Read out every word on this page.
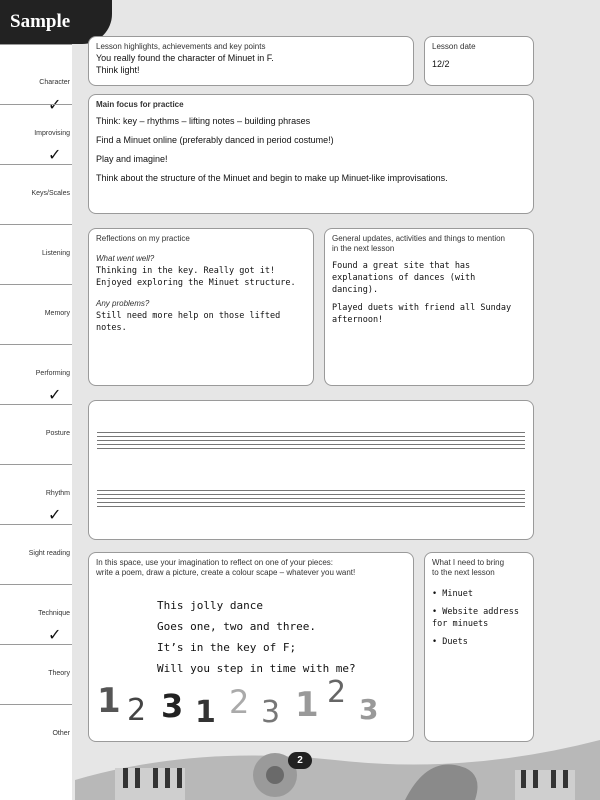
Sample
Character
✓
Improvising
✓
Keys/Scales
Listening
Memory
Performing
✓
Posture
Rhythm
✓
Sight reading
Technique
✓
Theory
Other
Lesson highlights, achievements and key points
You really found the character of Minuet in F.
Think light!
Lesson date
12/2
Main focus for practice
Think: key – rhythms – lifting notes – building phrases
Find a Minuet online (preferably danced in period costume!)
Play and imagine!
Think about the structure of the Minuet and begin to make up Minuet-like improvisations.
Reflections on my practice
What went well?
Thinking in the key. Really got it!
Enjoyed exploring the Minuet structure.
Any problems?
Still need more help on those lifted notes.
General updates, activities and things to mention
in the next lesson
Found a great site that has
explanations of dances (with
dancing).
Played duets with friend all Sunday
afternoon!
In this space, use your imagination to reflect on one of your pieces:
write a poem, draw a picture, create a colour scape – whatever you want!
This jolly dance
Goes one, two and three.
It’s in the key of F;
Will you step in time with me?
1 2 3 1 2 3 1 2 3
What I need to bring
to the next lesson
• Minuet
• Website address
for minuets
• Duets
2
